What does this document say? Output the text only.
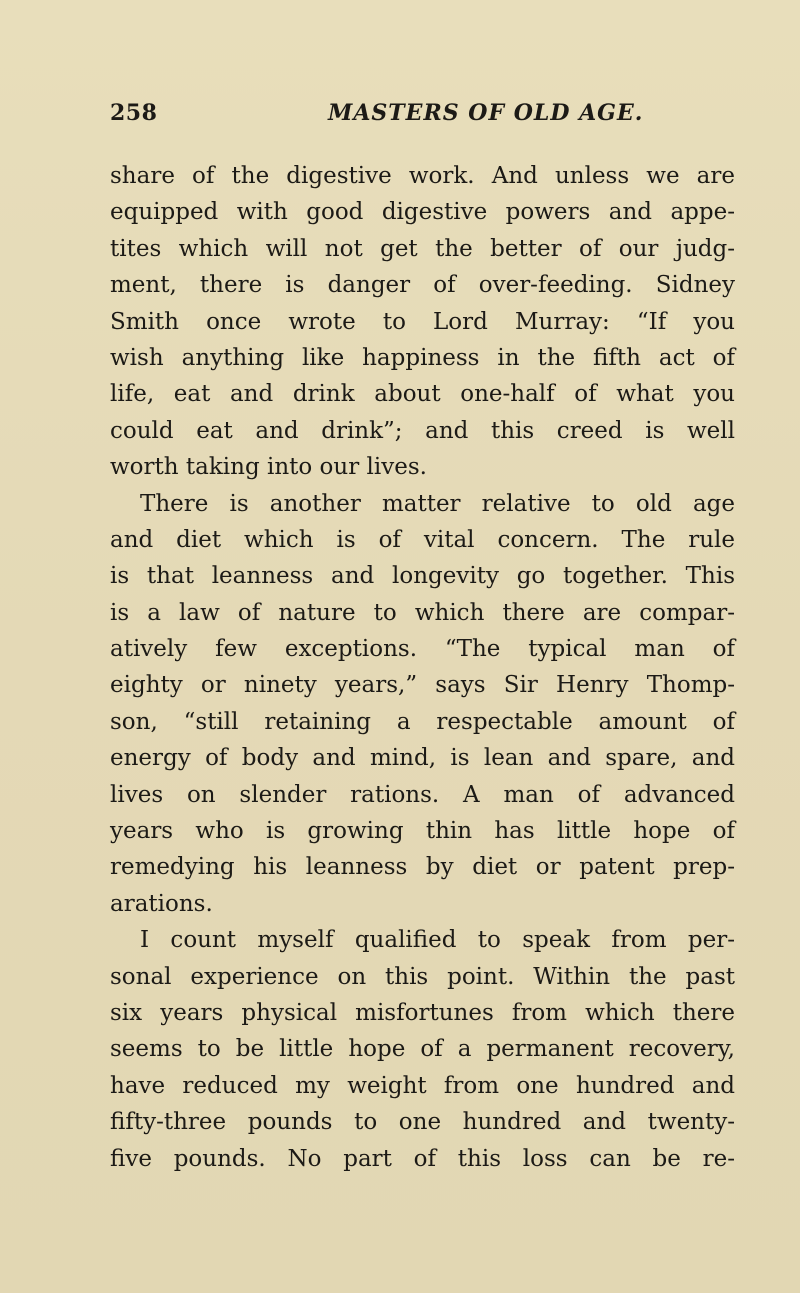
258	MASTERS OF OLD AGE.
share of the digestive work. And unless we are
equipped with good digestive powers and appe-
tites which will not get the better of our judg-
ment, there is danger of over-feeding. Sidney
Smith once wrote to Lord Murray: “If you
wish anything like happiness in the fifth act of
life, eat and drink about one-half of what you
could eat and drink”; and this creed is well
worth taking into our lives.
There is another matter relative to old age
and diet which is of vital concern. The rule
is that leanness and longevity go together. This
is a law of nature to which there are compar-
atively few exceptions. “The typical man of
eighty or ninety years,” says Sir Henry Thomp-
son, “still retaining a respectable amount of
energy of body and mind, is lean and spare, and
lives on slender rations. A man of advanced
years who is growing thin has little hope of
remedying his leanness by diet or patent prep-
arations.
I count myself qualified to speak from per-
sonal experience on this point. Within the past
six years physical misfortunes from which there
seems to be little hope of a permanent recovery,
have reduced my weight from one hundred and
fifty-three pounds to one hundred and twenty-
five pounds. No part of this loss can be re-
